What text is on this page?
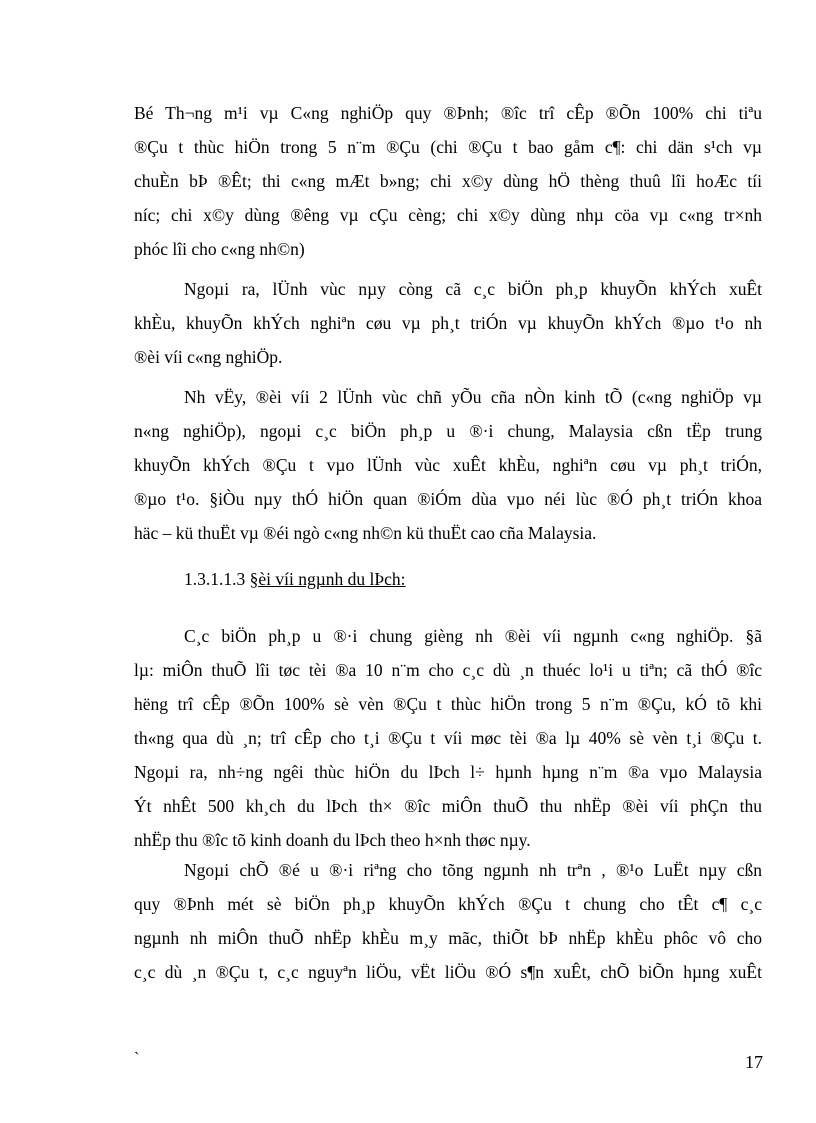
Bé Th¬ng m¹i vµ C«ng nghiÖp quy ®Þnh; ®îc trî cÊp ®Õn 100% chi tiªu
®Çu t thùc hiÖn trong 5 n¨m ®Çu (chi ®Çu t bao gåm c¶: chi dän s¹ch vµ
chuÈn bÞ ®Êt; thi c«ng mÆt b»ng; chi x©y dùng hÖ thèng thuû lîi hoÆc tíi
níc; chi x©y dùng ®êng vµ cÇu cèng; chi x©y dùng nhµ cöa vµ c«ng tr×nh
phóc lîi cho c«ng nh©n)
Ngoµi ra, lÜnh vùc nµy còng cã c¸c biÖn ph¸p khuyÕn khÝch xuÊt
khÈu, khuyÕn khÝch nghiªn cøu vµ ph¸t triÓn vµ khuyÕn khÝch ®µo t¹o nh
®èi víi c«ng nghiÖp.
Nh vËy, ®èi víi 2 lÜnh vùc chñ yÕu cña nÒn kinh tÕ (c«ng nghiÖp vµ
n«ng nghiÖp), ngoµi c¸c biÖn ph¸p u ®·i chung, Malaysia cßn tËp trung
khuyÕn khÝch ®Çu t vµo lÜnh vùc xuÊt khÈu, nghiªn cøu vµ ph¸t triÓn,
®µo t¹o. §iÒu nµy thÓ hiÖn quan ®iÓm dùa vµo néi lùc ®Ó ph¸t triÓn khoa
häc – kü thuËt vµ ®éi ngò c«ng nh©n kü thuËt cao cña Malaysia.
1.3.1.1.3 §èi víi ngµnh du lÞch:
C¸c biÖn ph¸p u ®·i chung gièng nh ®èi víi ngµnh c«ng nghiÖp. §ã
lµ: miÔn thuÕ lîi tøc tèi ®a 10 n¨m cho c¸c dù ¸n thuéc lo¹i u tiªn; cã thÓ ®îc
hëng trî cÊp ®Õn 100% sè vèn ®Çu t thùc hiÖn trong 5 n¨m ®Çu, kÓ tõ khi
th«ng qua dù ¸n; trî cÊp cho t¸i ®Çu t víi møc tèi ®a lµ 40% sè vèn t¸i ®Çu t.
Ngoµi ra, nh÷ng ngêi thùc hiÖn du lÞch l÷ hµnh hµng n¨m ®a vµo Malaysia
Ýt nhÊt 500 kh¸ch du lÞch th× ®îc miÔn thuÕ thu nhËp ®èi víi phÇn thu
nhËp thu ®îc tõ kinh doanh du lÞch theo h×nh thøc nµy.
Ngoµi chÕ ®é u ®·i riªng cho tõng ngµnh nh trªn , ®¹o LuËt nµy cßn
quy ®Þnh mét sè biÖn ph¸p khuyÕn khÝch ®Çu t chung cho tÊt c¶ c¸c
ngµnh nh miÔn thuÕ nhËp khÈu m¸y mãc, thiÕt bÞ nhËp khÈu phôc vô cho
c¸c dù ¸n ®Çu t, c¸c nguyªn liÖu, vËt liÖu ®Ó s¶n xuÊt, chÕ biÕn hµng xuÊt
`	17
